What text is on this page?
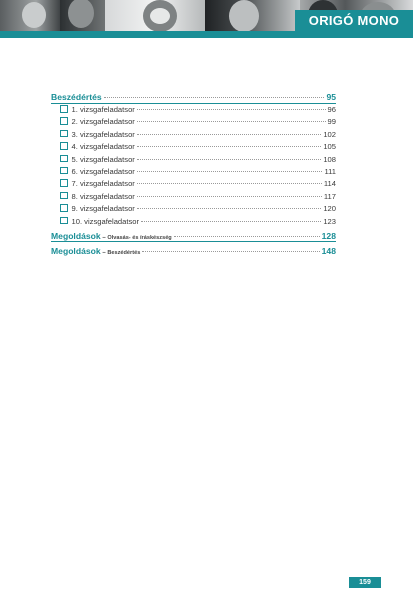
ORIGÓ MONO
Beszédértés	95
1. vizsgafeladatsor	96
2. vizsgafeladatsor	99
3. vizsgafeladatsor	102
4. vizsgafeladatsor	105
5. vizsgafeladatsor	108
6. vizsgafeladatsor	111
7. vizsgafeladatsor	114
8. vizsgafeladatsor	117
9. vizsgafeladatsor	120
10. vizsgafeladatsor	123
Megoldások – Olvasás- és íráskészség	128
Megoldások – Beszédértés	148
159
